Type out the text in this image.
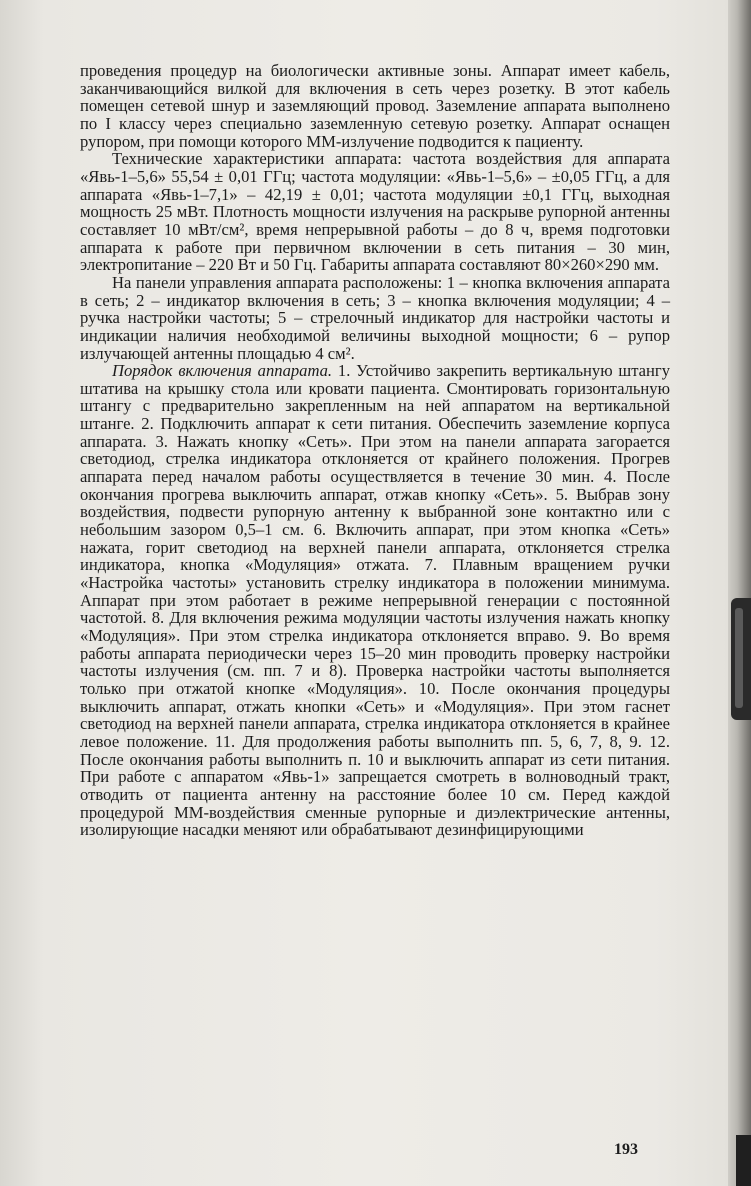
проведения процедур на биологически активные зоны. Аппарат имеет кабель, заканчивающийся вилкой для включения в сеть через розетку. В этот кабель помещен сетевой шнур и заземляющий провод. Заземление аппарата выполнено по I классу через специально заземленную сетевую розетку. Аппарат оснащен рупором, при помощи которого ММ-излучение подводится к пациенту.

Технические характеристики аппарата: частота воздействия для аппарата «Явь-1–5,6» 55,54 ± 0,01 ГГц; частота модуляции: «Явь-1–5,6» – ±0,05 ГГц, а для аппарата «Явь-1–7,1» – 42,19 ± 0,01; частота модуляции ±0,1 ГГц, выходная мощность 25 мВт. Плотность мощности излучения на раскрыве рупорной антенны составляет 10 мВт/см², время непрерывной работы – до 8 ч, время подготовки аппарата к работе при первичном включении в сеть питания – 30 мин, электропитание – 220 Вт и 50 Гц. Габариты аппарата составляют 80×260×290 мм.

На панели управления аппарата расположены: 1 – кнопка включения аппарата в сеть; 2 – индикатор включения в сеть; 3 – кнопка включения модуляции; 4 – ручка настройки частоты; 5 – стрелочный индикатор для настройки частоты и индикации наличия необходимой величины выходной мощности; 6 – рупор излучающей антенны площадью 4 см².

Порядок включения аппарата. 1. Устойчиво закрепить вертикальную штангу штатива на крышку стола или кровати пациента. Смонтировать горизонтальную штангу с предварительно закрепленным на ней аппаратом на вертикальной штанге. 2. Подключить аппарат к сети питания. Обеспечить заземление корпуса аппарата. 3. Нажать кнопку «Сеть». При этом на панели аппарата загорается светодиод, стрелка индикатора отклоняется от крайнего положения. Прогрев аппарата перед началом работы осуществляется в течение 30 мин. 4. После окончания прогрева выключить аппарат, отжав кнопку «Сеть». 5. Выбрав зону воздействия, подвести рупорную антенну к выбранной зоне контактно или с небольшим зазором 0,5–1 см. 6. Включить аппарат, при этом кнопка «Сеть» нажата, горит светодиод на верхней панели аппарата, отклоняется стрелка индикатора, кнопка «Модуляция» отжата. 7. Плавным вращением ручки «Настройка частоты» установить стрелку индикатора в положении минимума. Аппарат при этом работает в режиме непрерывной генерации с постоянной частотой. 8. Для включения режима модуляции частоты излучения нажать кнопку «Модуляция». При этом стрелка индикатора отклоняется вправо. 9. Во время работы аппарата периодически через 15–20 мин проводить проверку настройки частоты излучения (см. пп. 7 и 8). Проверка настройки частоты выполняется только при отжатой кнопке «Модуляция». 10. После окончания процедуры выключить аппарат, отжать кнопки «Сеть» и «Модуляция». При этом гаснет светодиод на верхней панели аппарата, стрелка индикатора отклоняется в крайнее левое положение. 11. Для продолжения работы выполнить пп. 5, 6, 7, 8, 9. 12. После окончания работы выполнить п. 10 и выключить аппарат из сети питания. При работе с аппаратом «Явь-1» запрещается смотреть в волноводный тракт, отводить от пациента антенну на расстояние более 10 см. Перед каждой процедурой ММ-воздействия сменные рупорные и диэлектрические антенны, изолирующие насадки меняют или обрабатывают дезинфицирующими

193
